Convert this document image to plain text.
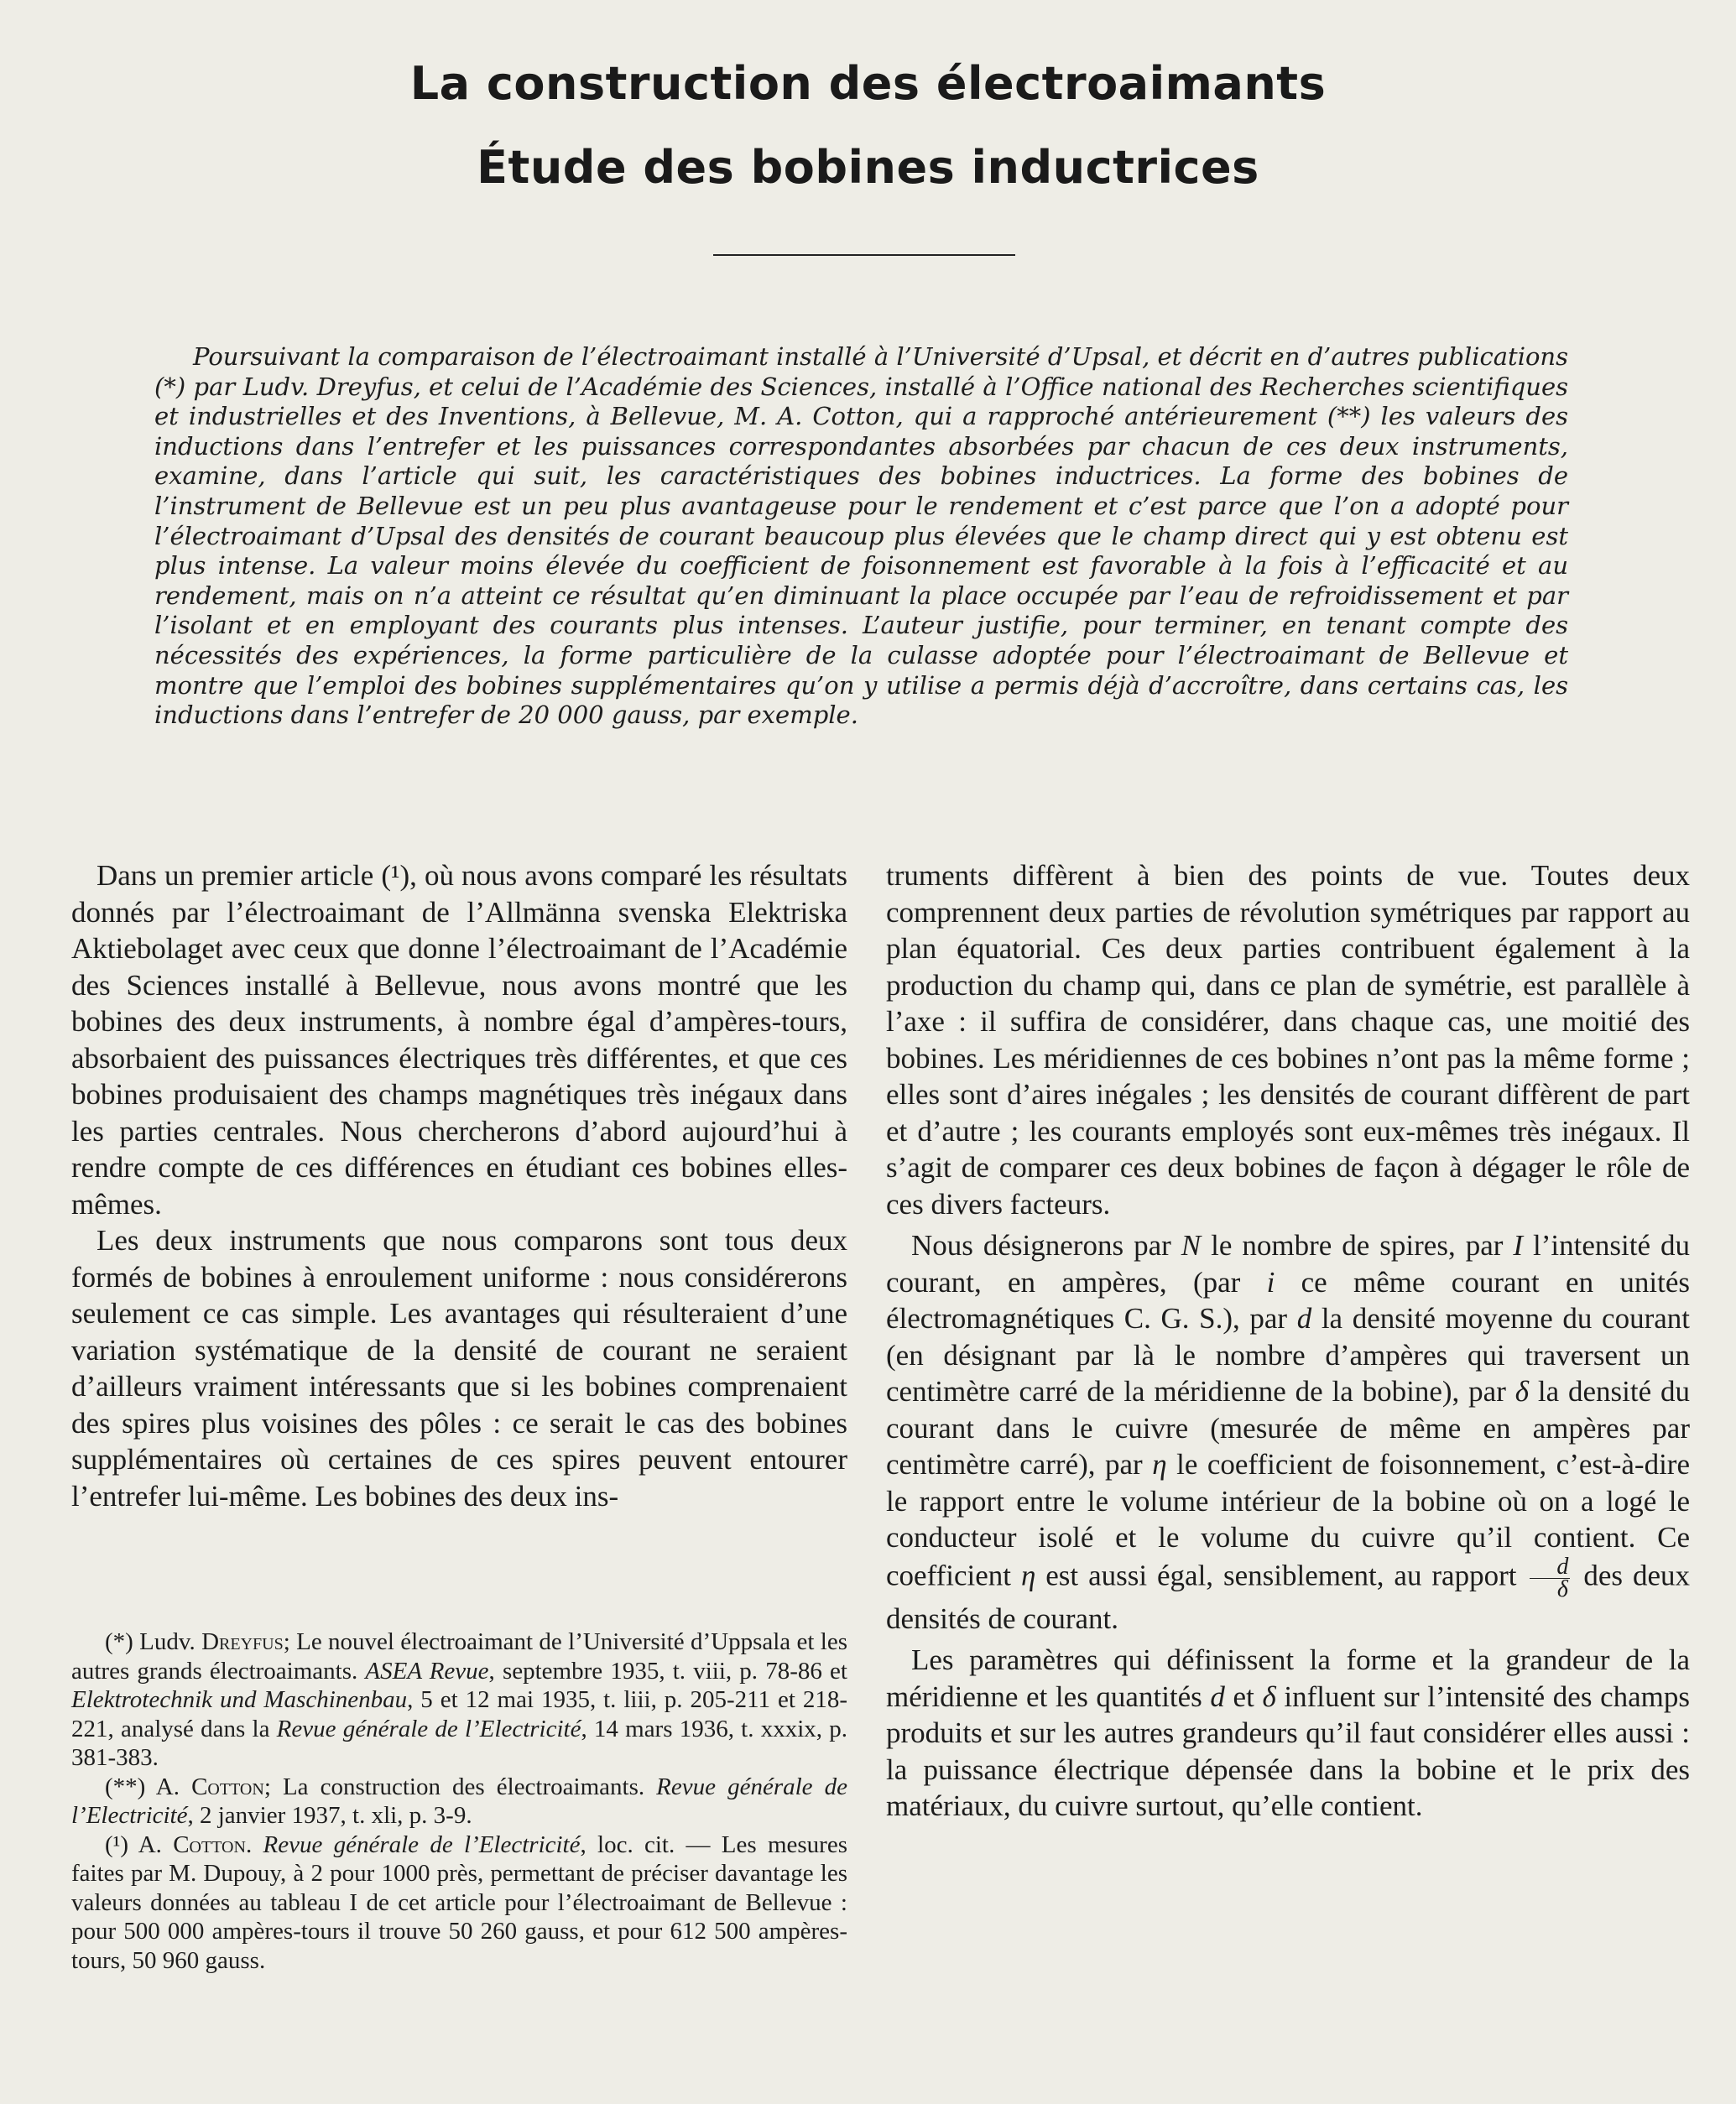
La construction des électroaimants
Étude des bobines inductrices

Poursuivant la comparaison de l’électroaimant installé à l’Université d’Upsal, et décrit en d’autres publications (*) par Ludv. Dreyfus, et celui de l’Académie des Sciences, installé à l’Office national des Recherches scientifiques et industrielles et des Inventions, à Bellevue, M. A. Cotton, qui a rapproché antérieurement (**) les valeurs des inductions dans l’entrefer et les puissances correspondantes absorbées par chacun de ces deux instruments, examine, dans l’article qui suit, les caractéristiques des bobines inductrices. La forme des bobines de l’instrument de Bellevue est un peu plus avantageuse pour le rendement et c’est parce que l’on a adopté pour l’électroaimant d’Upsal des densités de courant beaucoup plus élevées que le champ direct qui y est obtenu est plus intense. La valeur moins élevée du coefficient de foisonnement est favorable à la fois à l’efficacité et au rendement, mais on n’a atteint ce résultat qu’en diminuant la place occupée par l’eau de refroidissement et par l’isolant et en employant des courants plus intenses. L’auteur justifie, pour terminer, en tenant compte des nécessités des expériences, la forme particulière de la culasse adoptée pour l’électroaimant de Bellevue et montre que l’emploi des bobines supplémentaires qu’on y utilise a permis déjà d’accroître, dans certains cas, les inductions dans l’entrefer de 20 000 gauss, par exemple.

Dans un premier article (¹), où nous avons comparé les résultats donnés par l’électroaimant de l’Allmänna svenska Elektriska Aktiebolaget avec ceux que donne l’électroaimant de l’Académie des Sciences installé à Bellevue, nous avons montré que les bobines des deux instruments, à nombre égal d’ampères-tours, absorbaient des puissances électriques très différentes, et que ces bobines produisaient des champs magnétiques très inégaux dans les parties centrales. Nous chercherons d’abord aujourd’hui à rendre compte de ces différences en étudiant ces bobines elles-mêmes.

Les deux instruments que nous comparons sont tous deux formés de bobines à enroulement uniforme : nous considérerons seulement ce cas simple. Les avantages qui résulteraient d’une variation systématique de la densité de courant ne seraient d’ailleurs vraiment intéressants que si les bobines comprenaient des spires plus voisines des pôles : ce serait le cas des bobines supplémentaires où certaines de ces spires peuvent entourer l’entrefer lui-même. Les bobines des deux ins-

(*) Ludv. Dreyfus; Le nouvel électroaimant de l’Université d’Uppsala et les autres grands électroaimants. ASEA Revue, septembre 1935, t. viii, p. 78-86 et Elektrotechnik und Maschinenbau, 5 et 12 mai 1935, t. liii, p. 205-211 et 218-221, analysé dans la Revue générale de l’Electricité, 14 mars 1936, t. xxxix, p. 381-383.

(**) A. Cotton; La construction des électroaimants. Revue générale de l’Electricité, 2 janvier 1937, t. xli, p. 3-9.

(¹) A. Cotton. Revue générale de l’Electricité, loc. cit. — Les mesures faites par M. Dupouy, à 2 pour 1000 près, permettant de préciser davantage les valeurs données au tableau I de cet article pour l’électroaimant de Bellevue : pour 500 000 ampères-tours il trouve 50 260 gauss, et pour 612 500 ampères-tours, 50 960 gauss.

truments diffèrent à bien des points de vue. Toutes deux comprennent deux parties de révolution symétriques par rapport au plan équatorial. Ces deux parties contribuent également à la production du champ qui, dans ce plan de symétrie, est parallèle à l’axe : il suffira de considérer, dans chaque cas, une moitié des bobines. Les méridiennes de ces bobines n’ont pas la même forme ; elles sont d’aires inégales ; les densités de courant diffèrent de part et d’autre ; les courants employés sont eux-mêmes très inégaux. Il s’agit de comparer ces deux bobines de façon à dégager le rôle de ces divers facteurs.

Nous désignerons par N le nombre de spires, par I l’intensité du courant, en ampères, (par i ce même courant en unités électromagnétiques C. G. S.), par d la densité moyenne du courant (en désignant par là le nombre d’ampères qui traversent un centimètre carré de la méridienne de la bobine), par δ la densité du courant dans le cuivre (mesurée de même en ampères par centimètre carré), par η le coefficient de foisonnement, c’est-à-dire le rapport entre le volume intérieur de la bobine où on a logé le conducteur isolé et le volume du cuivre qu’il contient. Ce coefficient η est aussi égal, sensiblement, au rapport $\frac{d}{\delta}$ des deux densités de courant.

Les paramètres qui définissent la forme et la grandeur de la méridienne et les quantités d et δ influent sur l’intensité des champs produits et sur les autres grandeurs qu’il faut considérer elles aussi : la puissance électrique dépensée dans la bobine et le prix des matériaux, du cuivre surtout, qu’elle contient.
